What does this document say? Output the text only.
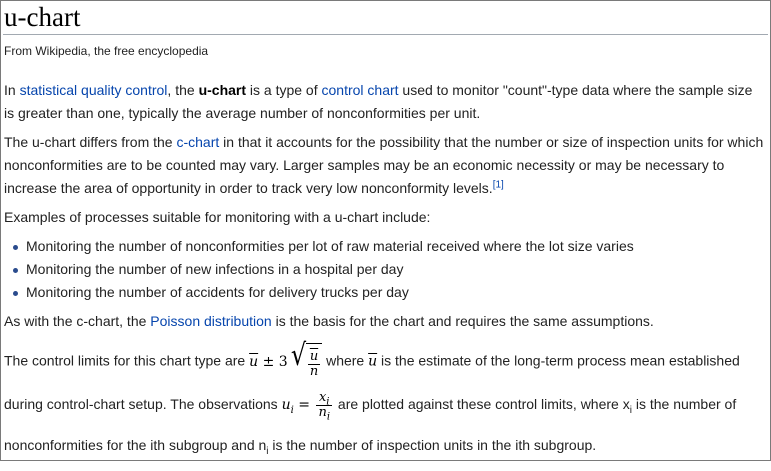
u-chart
From Wikipedia, the free encyclopedia

In statistical quality control, the u-chart is a type of control chart used to monitor "count"-type data where the sample size is greater than one, typically the average number of nonconformities per unit.

The u-chart differs from the c-chart in that it accounts for the possibility that the number or size of inspection units for which nonconformities are to be counted may vary. Larger samples may be an economic necessity or may be necessary to increase the area of opportunity in order to track very low nonconformity levels.[1]

Examples of processes suitable for monitoring with a u-chart include:

Monitoring the number of nonconformities per lot of raw material received where the lot size varies
Monitoring the number of new infections in a hospital per day
Monitoring the number of accidents for delivery trucks per day

As with the c-chart, the Poisson distribution is the basis for the chart and requires the same assumptions.

The control limits for this chart type are $\overline{u} \pm 3$ √ $\frac{u}{n}$ where $\overline{u}$ is the estimate of the long-term process mean established during control-chart setup. The observations $u_i = \frac{x_i}{n_i}$ are plotted against these control limits, where $x_i$ is the number of nonconformities for the ith subgroup and $n_i$ is the number of inspection units in the ith subgroup.
